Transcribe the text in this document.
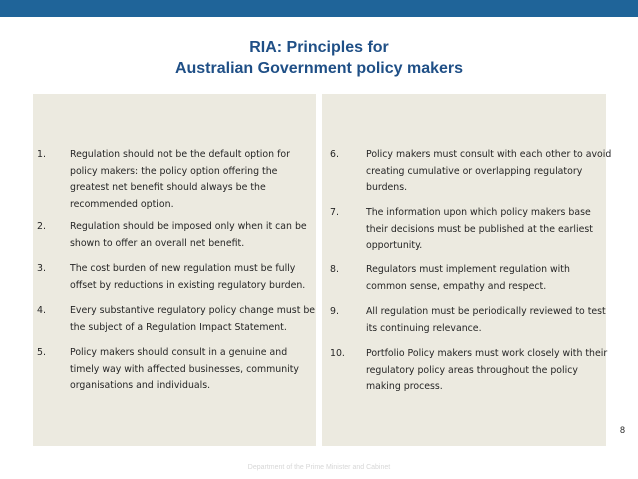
RIA: Principles for
Australian Government policy makers
1.	Regulation should not be the default option for policy makers: the policy option offering the greatest net benefit should always be the recommended option.
2.	Regulation should be imposed only when it can be shown to offer an overall net benefit.
3.	The cost burden of new regulation must be fully offset by reductions in existing regulatory burden.
4.	Every substantive regulatory policy change must be the subject of a Regulation Impact Statement.
5.	Policy makers should consult in a genuine and timely way with affected businesses, community organisations and individuals.
6.	Policy makers must consult with each other to avoid creating cumulative or overlapping regulatory burdens.
7.	The information upon which policy makers base their decisions must be published at the earliest opportunity.
8.	Regulators must implement regulation with common sense, empathy and respect.
9.	All regulation must be periodically reviewed to test its continuing relevance.
10. Portfolio Policy makers must work closely with their regulatory policy areas throughout the policy making process.
8
Department of the Prime Minister and Cabinet
